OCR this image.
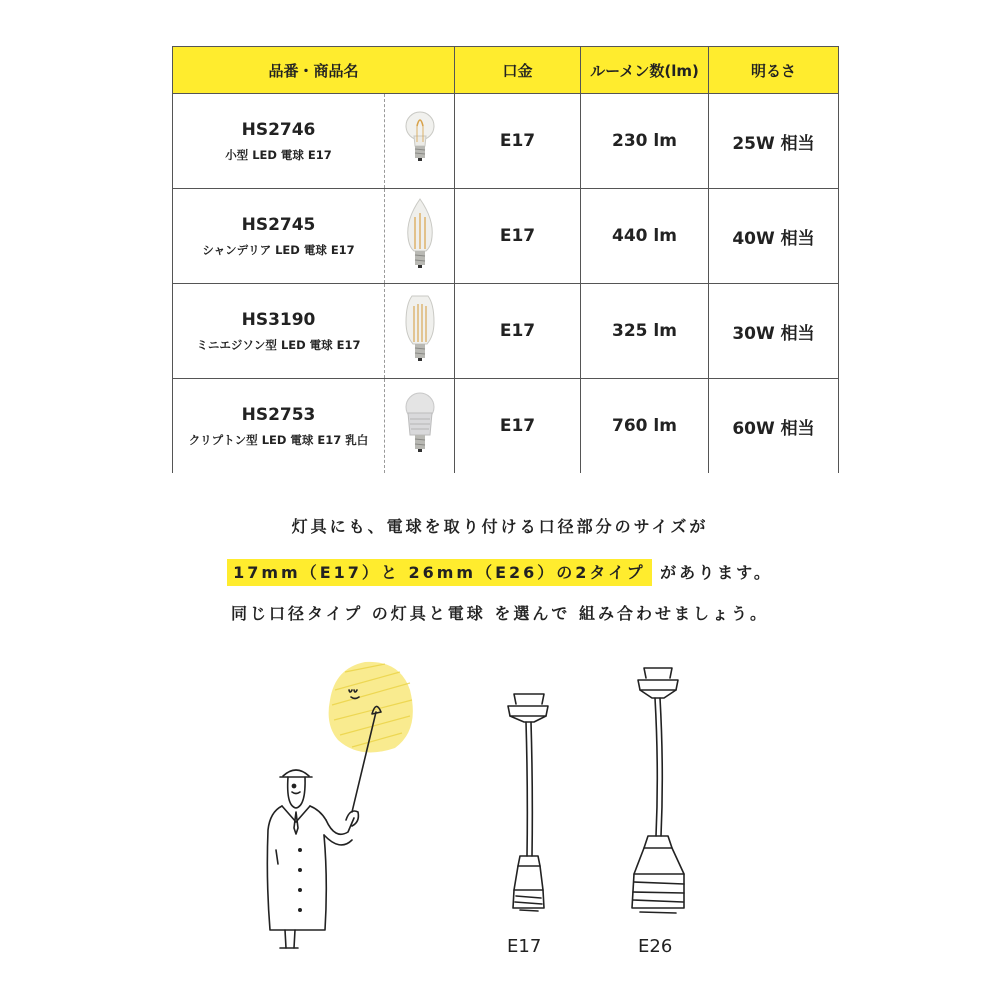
品番・商品名	口金	ルーメン数(lm)	明るさ

HS2746
小型 LED 電球 E17	E17	230 lm	25W 相当

HS2745
シャンデリア LED 電球 E17	E17	440 lm	40W 相当

HS3190
ミニエジソン型 LED 電球 E17	E17	325 lm	30W 相当

HS2753
クリプトン型 LED 電球 E17 乳白	E17	760 lm	60W 相当
灯具にも、電球を取り付ける口径部分のサイズが
17mm（E17）と 26mm（E26）の2タイプ があります。
同じ口径タイプ の灯具と電球 を選んで 組み合わせましょう。
E17	E26
